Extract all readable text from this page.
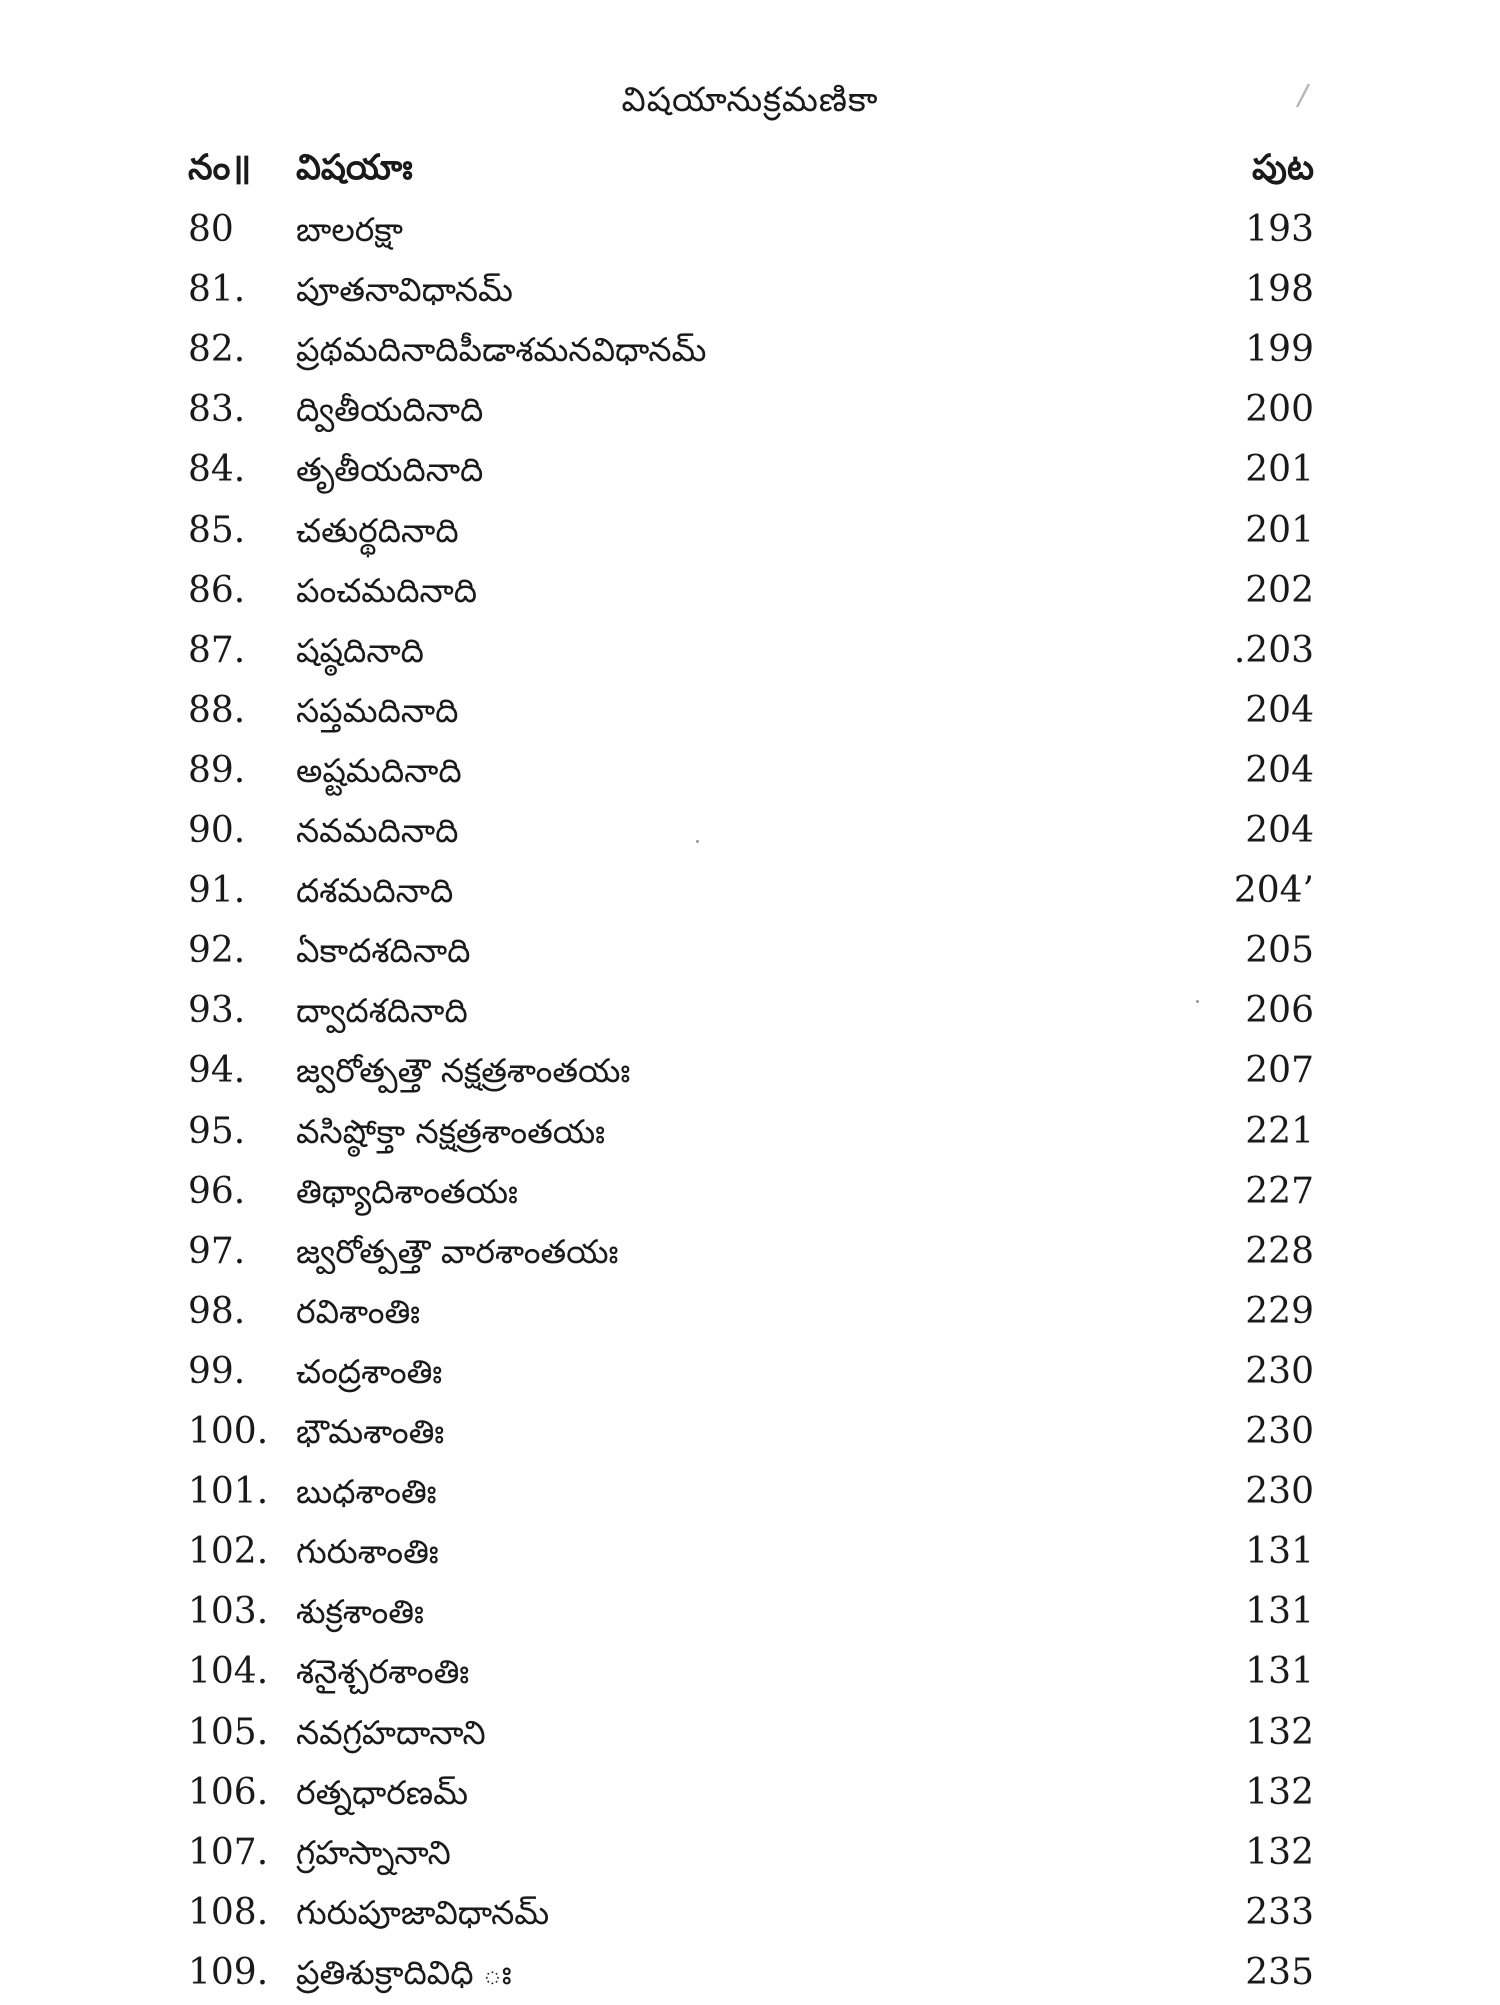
విషయానుక్రమణికా	/
నం॥ విషయాః	పుట
80 బాలరక్షా	193
81. పూతనావిధానమ్	198
82. ప్రథమదినాదిపీడాశమనవిధానమ్	199
83. ద్వితీయదినాది	200
84. తృతీయదినాది	201
85. చతుర్థదినాది	201
86. పంచమదినాది	202
87. షష్ఠదినాది	.203
88. సప్తమదినాది	204
89. అష్టమదినాది	204
90. నవమదినాది	204
91. దశమదినాది	204’
92. ఏకాదశదినాది	205
93. ద్వాదశదినాది	206
94. జ్వరోత్పత్తౌ నక్షత్రశాంతయః	207
95. వసిష్ఠోక్తా నక్షత్రశాంతయః	221
96. తిథ్యాదిశాంతయః	227
97. జ్వరోత్పత్తౌ వారశాంతయః	228
98. రవిశాంతిః	229
99. చంద్రశాంతిః	230
100. భౌమశాంతిః	230
101. బుధశాంతిః	230
102. గురుశాంతిః	131
103. శుక్రశాంతిః	131
104. శనైశ్చరశాంతిః	131
105. నవగ్రహదానాని	132
106. రత్నధారణమ్	132
107. గ్రహస్నానాని	132
108. గురుపూజావిధానమ్	233
109. ప్రతిశుక్రాదివిధి ః	235
